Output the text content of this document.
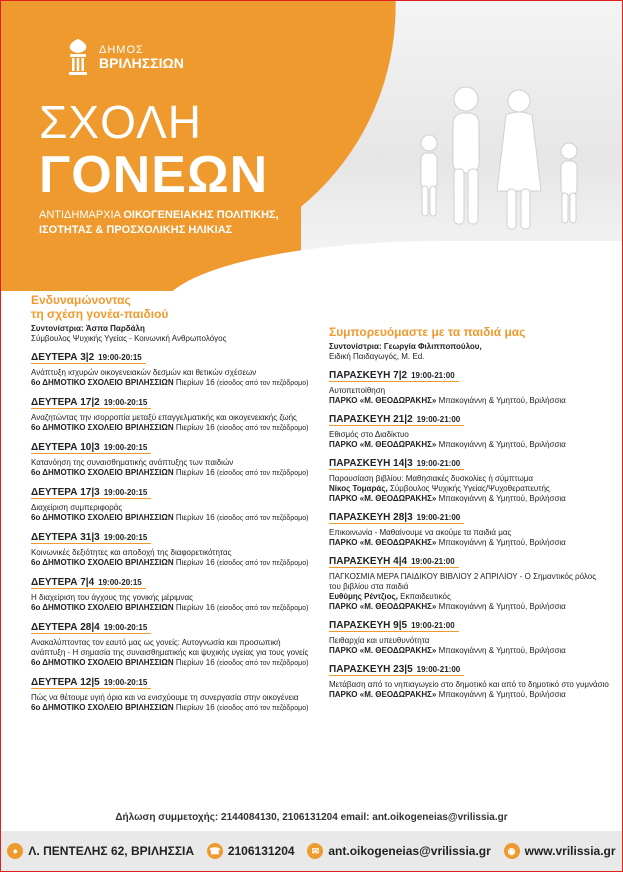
ΔΗΜΟΣ
ΒΡΙΛΗΣΣΙΩΝ
ΣΧΟΛΗ
ΓΟΝΕΩΝ
ΑΝΤΙΔΗΜΑΡΧΙΑ ΟΙΚΟΓΕΝΕΙΑΚΗΣ ΠΟΛΙΤΙΚΗΣ,
ΙΣΟΤΗΤΑΣ & ΠΡΟΣΧΟΛΙΚΗΣ ΗΛΙΚΙΑΣ
Ενδυναμώνοντας
τη σχέση γονέα-παιδιού
Συντονίστρια: Άσπα Παρδάλη
Σύμβουλος Ψυχικής Υγείας - Κοινωνική Ανθρωπολόγος
ΔΕΥΤΕΡΑ 3|2 19:00-20:15
Ανάπτυξη ισχυρών οικογενειακών δεσμών και θετικών σχέσεων
6ο ΔΗΜΟΤΙΚΟ ΣΧΟΛΕΙΟ ΒΡΙΛΗΣΣΙΩΝ Πιερίων 16 (είσοδος από τον πεζόδρομο)
ΔΕΥΤΕΡΑ 17|2 19:00-20:15
Αναζητώντας την ισορροπία μεταξύ επαγγελματικής και οικογενειακής ζωής
6ο ΔΗΜΟΤΙΚΟ ΣΧΟΛΕΙΟ ΒΡΙΛΗΣΣΙΩΝ Πιερίων 16 (είσοδος από τον πεζόδρομο)
ΔΕΥΤΕΡΑ 10|3 19:00-20:15
Κατανόηση της συναισθηματικής ανάπτυξης των παιδιών
6ο ΔΗΜΟΤΙΚΟ ΣΧΟΛΕΙΟ ΒΡΙΛΗΣΣΙΩΝ Πιερίων 16 (είσοδος από τον πεζόδρομο)
ΔΕΥΤΕΡΑ 17|3 19:00-20:15
Διαχείριση συμπεριφοράς
6ο ΔΗΜΟΤΙΚΟ ΣΧΟΛΕΙΟ ΒΡΙΛΗΣΣΙΩΝ Πιερίων 16 (είσοδος από τον πεζόδρομο)
ΔΕΥΤΕΡΑ 31|3 19:00-20:15
Κοινωνικές δεξιότητες και αποδοχή της διαφορετικότητας
6ο ΔΗΜΟΤΙΚΟ ΣΧΟΛΕΙΟ ΒΡΙΛΗΣΣΙΩΝ Πιερίων 16 (είσοδος από τον πεζόδρομο)
ΔΕΥΤΕΡΑ 7|4 19:00-20:15
Η διαχείριση του άγχους της γονικής μέριμνας
6ο ΔΗΜΟΤΙΚΟ ΣΧΟΛΕΙΟ ΒΡΙΛΗΣΣΙΩΝ Πιερίων 16 (είσοδος από τον πεζόδρομο)
ΔΕΥΤΕΡΑ 28|4 19:00-20:15
Ανακαλύπτοντας τον εαυτό μας ως γονείς: Αυτογνωσία και προσωπική ανάπτυξη - Η σημασία της συναισθηματικής και ψυχικής υγείας για τους γονείς
6ο ΔΗΜΟΤΙΚΟ ΣΧΟΛΕΙΟ ΒΡΙΛΗΣΣΙΩΝ Πιερίων 16 (είσοδος από τον πεζόδρομο)
ΔΕΥΤΕΡΑ 12|5 19:00-20:15
Πώς να θέτουμε υγιή όρια και να ενισχύουμε τη συνεργασία στην οικογένεια
6ο ΔΗΜΟΤΙΚΟ ΣΧΟΛΕΙΟ ΒΡΙΛΗΣΣΙΩΝ Πιερίων 16 (είσοδος από τον πεζόδρομο)
Συμπορευόμαστε με τα παιδιά μας
Συντονίστρια: Γεωργία Φιλιπποπούλου,
Ειδική Παιδαγωγός, M. Ed.
ΠΑΡΑΣΚΕΥΗ 7|2 19:00-21:00
Αυτοπεποίθηση
ΠΑΡΚΟ «Μ. ΘΕΟΔΩΡΑΚΗΣ» Μπακογιάννη & Υμηττού, Βριλήσσια
ΠΑΡΑΣΚΕΥΗ 21|2 19:00-21:00
Εθισμός στο Διαδίκτυο
ΠΑΡΚΟ «Μ. ΘΕΟΔΩΡΑΚΗΣ» Μπακογιάννη & Υμηττού, Βριλήσσια
ΠΑΡΑΣΚΕΥΗ 14|3 19:00-21:00
Παρουσίαση βιβλίου: Μαθησιακές δυσκολίες ή σύμπτωμα
Νίκος Τομαράς, Σύμβουλος Ψυχικής Υγείας/Ψυχοθεραπευτής
ΠΑΡΚΟ «Μ. ΘΕΟΔΩΡΑΚΗΣ» Μπακογιάννη & Υμηττού, Βριλήσσια
ΠΑΡΑΣΚΕΥΗ 28|3 19:00-21:00
Επικοινωνία - Μαθαίνουμε να ακούμε τα παιδιά μας
ΠΑΡΚΟ «Μ. ΘΕΟΔΩΡΑΚΗΣ» Μπακογιάννη & Υμηττού, Βριλήσσια
ΠΑΡΑΣΚΕΥΗ 4|4 19:00-21:00
ΠΑΓΚΟΣΜΙΑ ΜΕΡΑ ΠΑΙΔΙΚΟΥ ΒΙΒΛΙΟΥ 2 ΑΠΡΙΛΙΟΥ - Ο Σημαντικός ρόλος του βιβλίου στα παιδιά
Ευθύμης Ρέντζιος, Εκπαιδευτικός
ΠΑΡΚΟ «Μ. ΘΕΟΔΩΡΑΚΗΣ» Μπακογιάννη & Υμηττού, Βριλήσσια
ΠΑΡΑΣΚΕΥΗ 9|5 19:00-21:00
Πειθαρχία και υπευθυνότητα
ΠΑΡΚΟ «Μ. ΘΕΟΔΩΡΑΚΗΣ» Μπακογιάννη & Υμηττού, Βριλήσσια
ΠΑΡΑΣΚΕΥΗ 23|5 19:00-21:00
Μετάβαση από το νηπιαγωγείο στο δημοτικό και από το δημοτικό στο γυμνάσιο
ΠΑΡΚΟ «Μ. ΘΕΟΔΩΡΑΚΗΣ» Μπακογιάννη & Υμηττού, Βριλήσσια
Δήλωση συμμετοχής: 2144084130, 2106131204 email: ant.oikogeneias@vrilissia.gr
● Λ. ΠΕΝΤΕΛΗΣ 62, ΒΡΙΛΗΣΣΙΑ ☎ 2106131204	✉ ant.oikogeneias@vrilissia.gr	◉ www.vrilissia.gr
